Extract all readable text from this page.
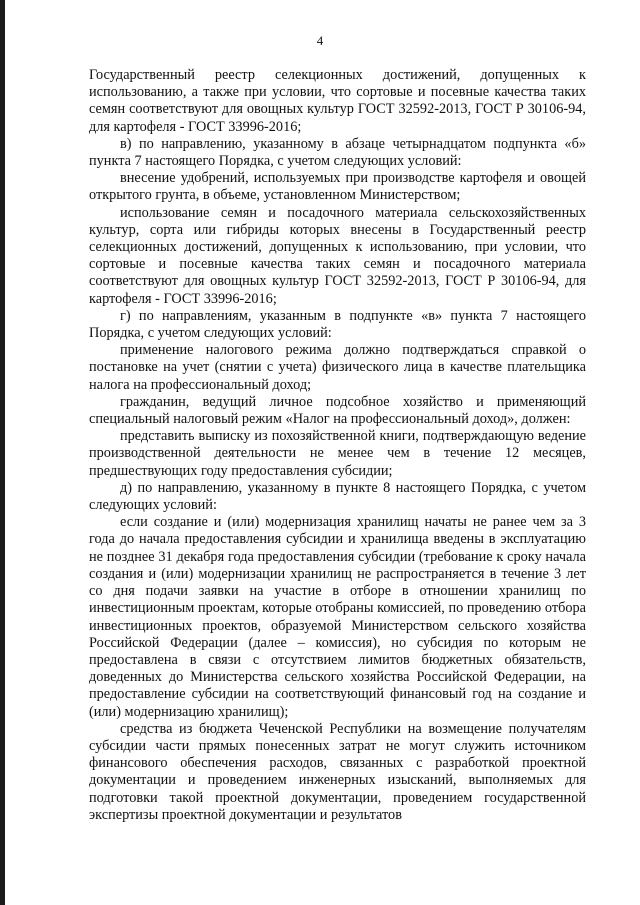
4

Государственный реестр селекционных достижений, допущенных к использованию, а также при условии, что сортовые и посевные качества таких семян соответствуют для овощных культур ГОСТ 32592-2013, ГОСТ Р 30106-94, для картофеля - ГОСТ 33996-2016;

в) по направлению, указанному в абзаце четырнадцатом подпункта «б» пункта 7 настоящего Порядка, с учетом следующих условий:

внесение удобрений, используемых при производстве картофеля и овощей открытого грунта, в объеме, установленном Министерством;

использование семян и посадочного материала сельскохозяйственных культур, сорта или гибриды которых внесены в Государственный реестр селекционных достижений, допущенных к использованию, при условии, что сортовые и посевные качества таких семян и посадочного материала соответствуют для овощных культур ГОСТ 32592-2013, ГОСТ Р 30106-94, для картофеля - ГОСТ 33996-2016;

г) по направлениям, указанным в подпункте «в» пункта 7 настоящего Порядка, с учетом следующих условий:

применение налогового режима должно подтверждаться справкой о постановке на учет (снятии с учета) физического лица в качестве плательщика налога на профессиональный доход;

гражданин, ведущий личное подсобное хозяйство и применяющий специальный налоговый режим «Налог на профессиональный доход», должен:

представить выписку из похозяйственной книги, подтверждающую ведение производственной деятельности не менее чем в течение 12 месяцев, предшествующих году предоставления субсидии;

д) по направлению, указанному в пункте 8 настоящего Порядка, с учетом следующих условий:

если создание и (или) модернизация хранилищ начаты не ранее чем за 3 года до начала предоставления субсидии и хранилища введены в эксплуатацию не позднее 31 декабря года предоставления субсидии (требование к сроку начала создания и (или) модернизации хранилищ не распространяется в течение 3 лет со дня подачи заявки на участие в отборе в отношении хранилищ по инвестиционным проектам, которые отобраны комиссией, по проведению отбора инвестиционных проектов, образуемой Министерством сельского хозяйства Российской Федерации (далее – комиссия), но субсидия по которым не предоставлена в связи с отсутствием лимитов бюджетных обязательств, доведенных до Министерства сельского хозяйства Российской Федерации, на предоставление субсидии на соответствующий финансовый год на создание и (или) модернизацию хранилищ);

средства из бюджета Чеченской Республики на возмещение получателям субсидии части прямых понесенных затрат не могут служить источником финансового обеспечения расходов, связанных с разработкой проектной документации и проведением инженерных изысканий, выполняемых для подготовки такой проектной документации, проведением государственной экспертизы проектной документации и результатов
